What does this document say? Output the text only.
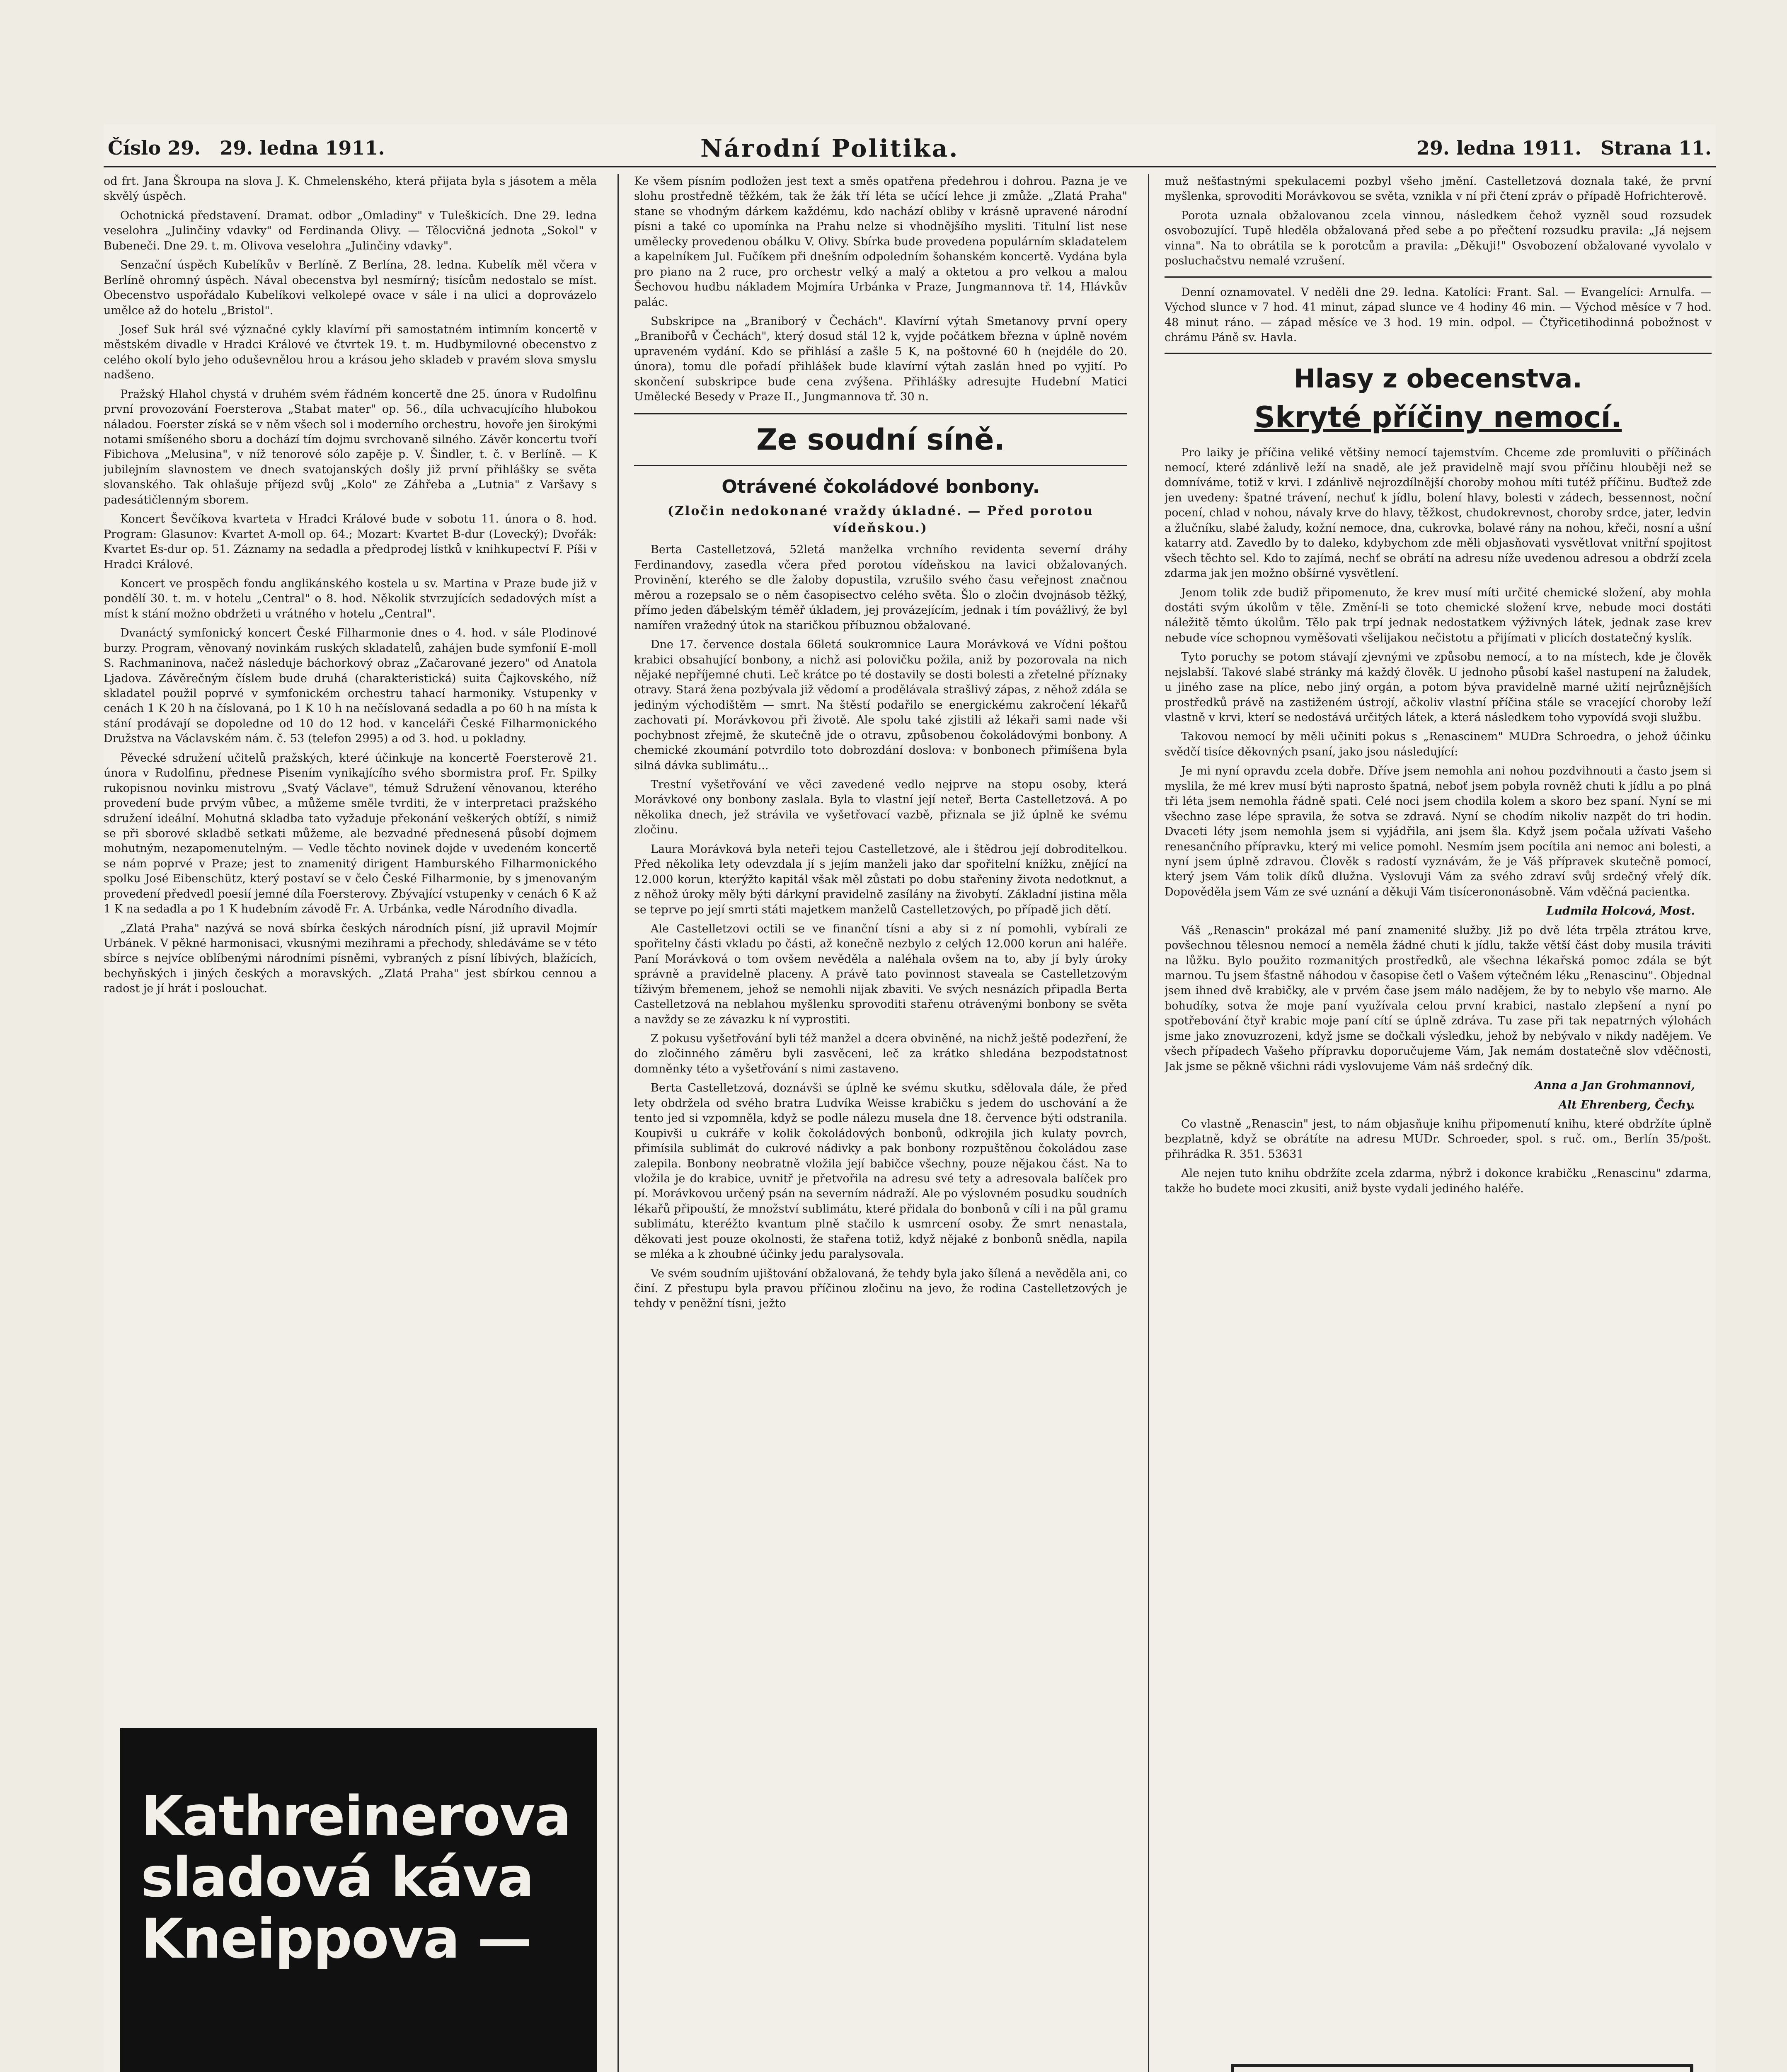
Číslo 29. 29. ledna 1911.	Národní Politika.	29. ledna 1911. Strana 11.

od frt. Jana Škroupa na slova J. K. Chmelenského, která přijata byla s jásotem a měla skvělý úspěch.

Ochotnická představení. Dramat. odbor „Omladiny" v Tuleškicích. Dne 29. ledna veselohra „Julinčiny vdavky" od Ferdinanda Olivy. — Tělocvičná jednota „Sokol" v Bubeneči. Dne 29. t. m. Olivova veselohra „Julinčiny vdavky".

Senzační úspěch Kubelíkův v Berlíně. Z Berlína, 28. ledna. Kubelík měl včera v Berlíně ohromný úspěch. Nával obecenstva byl nesmírný; tisícům nedostalo se míst. Obecenstvo uspořádalo Kubelíkovi velkolepé ovace v sále i na ulici a doprovázelo umělce až do hotelu „Bristol".

Josef Suk hrál své význačné cykly klavírní při samostatném intimním koncertě v městském divadle v Hradci Králové ve čtvrtek 19. t. m. Hudbymilovné obecenstvo z celého okolí bylo jeho oduševnělou hrou a krásou jeho skladeb v pravém slova smyslu nadšeno.

Pražský Hlahol chystá v druhém svém řádném koncertě dne 25. února v Rudolfinu první provozování Foersterova „Stabat mater" op. 56., díla uchvacujícího hlubokou náladou. Foerster získá se v něm všech sol i moderního orchestru, hovoře jen širokými notami smíšeného sboru a dochází tím dojmu svrchovaně silného. Závěr koncertu tvoří Fibichova „Melusina", v níž tenorové sólo zapěje p. V. Šindler, t. č. v Berlíně. — K jubilejním slavnostem ve dnech svatojanských došly již první přihlášky se světa slovanského. Tak ohlašuje příjezd svůj „Kolo" ze Záhřeba a „Lutnia" z Varšavy s padesátičlenným sborem.

Koncert Ševčíkova kvarteta v Hradci Králové bude v sobotu 11. února o 8. hod. Program: Glasunov: Kvartet A-moll op. 64.; Mozart: Kvartet B-dur (Lovecký); Dvořák: Kvartet Es-dur op. 51. Záznamy na sedadla a předprodej lístků v knihkupectví F. Píši v Hradci Králové.

Koncert ve prospěch fondu anglikánského kostela u sv. Martina v Praze bude již v pondělí 30. t. m. v hotelu „Central" o 8. hod. Několik stvrzujících sedadových míst a míst k stání možno obdržeti u vrátného v hotelu „Central".

Dvanáctý symfonický koncert České Filharmonie dnes o 4. hod. v sále Plodinové burzy. Program, věnovaný novinkám ruských skladatelů, zahájen bude symfonií E-moll S. Rachmaninova, načež následuje báchorkový obraz „Začarované jezero" od Anatola Ljadova. Závěrečným číslem bude druhá (charakteristická) suita Čajkovského, níž skladatel použil poprvé v symfonickém orchestru tahací harmoniky. Vstupenky v cenách 1 K 20 h na číslovaná, po 1 K 10 h na nečíslovaná sedadla a po 60 h na místa k stání prodávají se dopoledne od 10 do 12 hod. v kanceláři České Filharmonického Družstva na Václavském nám. č. 53 (telefon 2995) a od 3. hod. u pokladny.

Pěvecké sdružení učitelů pražských, které účinkuje na koncertě Foersterově 21. února v Rudolfinu, přednese Pisením vynikajícího svého sbormistra prof. Fr. Spilky rukopisnou novinku mistrovu „Svatý Václave", témuž Sdružení věnovanou, kterého provedení bude prvým vůbec, a můžeme směle tvrditi, že v interpretaci pražského sdružení ideální. Mohutná skladba tato vyžaduje překonání veškerých obtíží, s nimiž se při sborové skladbě setkati můžeme, ale bezvadné přednesená působí dojmem mohutným, nezapomenutelným. — Vedle těchto novinek dojde v uvedeném koncertě se nám poprvé v Praze; jest to znamenitý dirigent Hamburského Filharmonického spolku José Eibenschütz, který postaví se v čelo České Filharmonie, by s jmenovaným provedení předvedl poesií jemné díla Foersterovy. Zbývající vstupenky v cenách 6 K až 1 K na sedadla a po 1 K hudebním závodě Fr. A. Urbánka, vedle Národního divadla.

„Zlatá Praha" nazývá se nová sbírka českých národních písní, již upravil Mojmír Urbánek. V pěkné harmonisaci, vkusnými mezihrami a přechody, shledáváme se v této sbírce s nejvíce oblíbenými národními písněmi, vybraných z písní líbivých, blažících, bechyňských i jiných českých a moravských. „Zlatá Praha" jest sbírkou cennou a radost je jí hrát i poslouchat.

Kathreinerova
sladová káva
Kneippova —

Ke všem písním podložen jest text a směs opatřena předehrou i dohrou. Pazna je ve slohu prostředně těžkém, tak že žák tří léta se učící lehce ji zmůže. „Zlatá Praha" stane se vhodným dárkem každému, kdo nachází obliby v krásně upravené národní písni a také co upomínka na Prahu nelze si vhodnějšího mysliti. Titulní list nese umělecky provedenou obálku V. Olivy. Sbírka bude provedena populárním skladatelem a kapelníkem Jul. Fučíkem při dnešním odpoledním šohanském koncertě. Vydána byla pro piano na 2 ruce, pro orchestr velký a malý a oktetou a pro velkou a malou Šechovou hudbu nákladem Mojmíra Urbánka v Praze, Jungmannova tř. 14, Hlávkův palác.

Subskripce na „Braniborý v Čechách". Klavírní výtah Smetanovy první opery „Branibořů v Čechách", který dosud stál 12 k, vyjde počátkem března v úplně novém upraveném vydání. Kdo se přihlásí a zašle 5 K, na poštovné 60 h (nejdéle do 20. února), tomu dle pořadí přihlášek bude klavírní výtah zaslán hned po vyjití. Po skončení subskripce bude cena zvýšena. Přihlášky adresujte Hudební Matici Umělecké Besedy v Praze II., Jungmannova tř. 30 n.

Ze soudní síně.
Otrávené čokoládové bonbony.
(Zločin nedokonané vraždy úkladné. — Před porotou vídeňskou.)

Berta Castelletzová, 52letá manželka vrchního revidenta severní dráhy Ferdinandovy, zasedla včera před porotou vídeňskou na lavici obžalovaných. Provinění, kterého se dle žaloby dopustila, vzrušilo svého času veřejnost značnou měrou a rozepsalo se o něm časopisectvo celého světa. Šlo o zločin dvojnásob těžký, přímo jeden ďábelským téměř úkladem, jej provázejícím, jednak i tím povážlivý, že byl namířen vražedný útok na staričkou příbuznou obžalované.

Dne 17. července dostala 66letá soukromnice Laura Morávková ve Vídni poštou krabici obsahující bonbony, a nichž asi polovičku požila, aniž by pozorovala na nich nějaké nepříjemné chuti. Leč krátce po té dostavily se dosti bolesti a zřetelné příznaky otravy. Stará žena pozbývala již vědomí a prodělávala strašlivý zápas, z něhož zdála se jediným východištěm — smrt. Na štěstí podařilo se energickému zakročení lékařů zachovati pí. Morávkovou při životě. Ale spolu také zjistili až lékaři sami nade vši pochybnost zřejmě, že skutečně jde o otravu, způsobenou čokoládovými bonbony. A chemické zkoumání potvrdilo toto dobrozdání doslova: v bonbonech přimíšena byla silná dávka sublimátu...

Trestní vyšetřování ve věci zavedené vedlo nejprve na stopu osoby, která Morávkové ony bonbony zaslala. Byla to vlastní její neteř, Berta Castelletzová. A po několika dnech, jež strávila ve vyšetřovací vazbě, přiznala se již úplně ke svému zločinu.

Laura Morávková byla neteři tejou Castelletzové, ale i štědrou její dobroditelkou. Před několika lety odevzdala jí s jejím manželi jako dar spořitelní knížku, znějící na 12.000 korun, kterýžto kapitál však měl zůstati po dobu stařeniny života nedotknut, a z něhož úroky měly býti dárkyní pravidelně zasílány na živobytí. Základní jistina měla se teprve po její smrti státi majetkem manželů Castelletzových, po případě jich dětí.

Ale Castelletzovi octili se ve finanční tísni a aby si z ní pomohli, vybírali ze spořitelny části vkladu po části, až konečně nezbylo z celých 12.000 korun ani haléře. Paní Morávková o tom ovšem nevěděla a naléhala ovšem na to, aby jí byly úroky správně a pravidelně placeny. A právě tato povinnost staveala se Castelletzovým tíživým břemenem, jehož se nemohli nijak zbaviti. Ve svých nesnázích připadla Berta Castelletzová na neblahou myšlenku sprovoditi stařenu otrávenými bonbony se světa a navždy se ze závazku k ní vyprostiti.

Z pokusu vyšetřování byli též manžel a dcera obviněné, na nichž ještě podezření, že do zločinného záměru byli zasvěceni, leč za krátko shledána bezpodstatnost domněnky této a vyšetřování s nimi zastaveno.

Berta Castelletzová, doznávši se úplně ke svému skutku, sdělovala dále, že před lety obdržela od svého bratra Ludvíka Weisse krabičku s jedem do uschování a že tento jed si vzpomněla, když se podle nálezu musela dne 18. července býti odstranila. Koupivši u cukráře v kolik čokoládových bonbonů, odkrojila jich kulaty povrch, přimísila sublimát do cukrové nádivky a pak bonbony rozpuštěnou čokoládou zase zalepila. Bonbony neobratně vložila její babičce všechny, pouze nějakou část. Na to vložila je do krabice, uvnitř je přetvořila na adresu své tety a adresovala balíček pro pí. Morávkovou určený psán na severním nádraží. Ale po výslovném posudku soudních lékařů připouští, že množství sublimátu, které přidala do bonbonů v cíli i na půl gramu sublimátu, kteréžto kvantum plně stačilo k usmrcení osoby. Že smrt nenastala, děkovati jest pouze okolnosti, že stařena totiž, když nějaké z bonbonů snědla, napila se mléka a k zhoubné účinky jedu paralysovala.

Ve svém soudním ujištování obžalovaná, že tehdy byla jako šílená a nevěděla ani, co činí. Z přestupu byla pravou příčinou zločinu na jevo, že rodina Castelletzových je tehdy v peněžní tísni, ježto

muž nešťastnými spekulacemi pozbyl všeho jmění. Castelletzová doznala také, že první myšlenka, sprovoditi Morávkovou se světa, vznikla v ní při čtení zpráv o případě Hofrichterově.

Porota uznala obžalovanou zcela vinnou, následkem čehož vyzněl soud rozsudek osvobozující. Tupě hleděla obžalovaná před sebe a po přečtení rozsudku pravila: „Já nejsem vinna". Na to obrátila se k porotcům a pravila: „Děkuji!" Osvobození obžalované vyvolalo v posluchačstvu nemalé vzrušení.

Denní oznamovatel. V neděli dne 29. ledna. Katolíci: Frant. Sal. — Evangelíci: Arnulfa. — Východ slunce v 7 hod. 41 minut, západ slunce ve 4 hodiny 46 min. — Východ měsíce v 7 hod. 48 minut ráno. — západ měsíce ve 3 hod. 19 min. odpol. — Čtyřicetihodinná pobožnost v chrámu Páně sv. Havla.

Hlasy z obecenstva.
Skryté příčiny nemocí.

Pro laiky je příčina veliké většiny nemocí tajemstvím. Chceme zde promluviti o příčinách nemocí, které zdánlivě leží na snadě, ale jež pravidelně mají svou příčinu hlouběji než se domníváme, totiž v krvi. I zdánlivě nejrozdílnější choroby mohou míti tutéž příčinu. Buďtež zde jen uvedeny: špatné trávení, nechuť k jídlu, bolení hlavy, bolesti v zádech, bessennost, noční pocení, chlad v nohou, návaly krve do hlavy, těžkost, chudokrevnost, choroby srdce, jater, ledvin a žlučníku, slabé žaludy, kožní nemoce, dna, cukrovka, bolavé rány na nohou, křeči, nosní a ušní katarry atd. Zavedlo by to daleko, kdybychom zde měli objasňovati vysvětlovat vnitřní spojitost všech těchto sel. Kdo to zajímá, nechť se obrátí na adresu níže uvedenou adresou a obdrží zcela zdarma jak jen možno obšírné vysvětlení.

Jenom tolik zde budiž připomenuto, že krev musí míti určité chemické složení, aby mohla dostáti svým úkolům v těle. Změní-li se toto chemické složení krve, nebude moci dostáti náležitě těmto úkolům. Tělo pak trpí jednak nedostatkem výživných látek, jednak zase krev nebude více schopnou vyměšovati všelijakou nečistotu a přijímati v plicích dostatečný kyslík.

Tyto poruchy se potom stávají zjevnými ve způsobu nemocí, a to na místech, kde je člověk nejslabší. Takové slabé stránky má každý člověk. U jednoho působí kašel nastupení na žaludek, u jiného zase na plíce, nebo jiný orgán, a potom býva pravidelně marné užití nejrůznějších prostředků právě na zastiženém ústrojí, ačkoliv vlastní příčina stále se vracející choroby leží vlastně v krvi, kterí se nedostává určitých látek, a která následkem toho vypovídá svoji službu.

Takovou nemocí by měli učiniti pokus s „Renascinem" MUDra Schroedra, o jehož účinku svědčí tisíce děkovných psaní, jako jsou následující:

Je mi nyní opravdu zcela dobře. Dříve jsem nemohla ani nohou pozdvihnouti a často jsem si myslila, že mé krev musí býti naprosto špatná, neboť jsem pobyla rovněž chuti k jídlu a po plná tři léta jsem nemohla řádně spati. Celé noci jsem chodila kolem a skoro bez spaní. Nyní se mi všechno zase lépe spravila, že sotva se zdravá. Nyní se chodím nikoliv nazpět do tri hodin. Dvaceti léty jsem nemohla jsem si vyjádřila, ani jsem šla. Když jsem počala užívati Vašeho renesančního přípravku, který mi velice pomohl. Nesmím jsem pocítila ani nemoc ani bolesti, a nyní jsem úplně zdravou. Člověk s radostí vyznávám, že je Váš přípravek skutečně pomocí, který jsem Vám tolik díků dlužna. Vyslovuji Vám za svého zdraví svůj srdečný vřelý dík. Dopověděla jsem Vám ze své uznání a děkuji Vám tisícerononásobně. Vám vděčná pacientka.

Ludmila Holcová, Most.

Váš „Renascin" prokázal mé paní znamenité služby. Již po dvě léta trpěla ztrátou krve, povšechnou tělesnou nemocí a neměla žádné chuti k jídlu, takže větší část doby musila tráviti na lůžku. Bylo použito rozmanitých prostředků, ale všechna lékařská pomoc zdála se být marnou. Tu jsem šťastně náhodou v časopise četl o Vašem výtečném léku „Renascinu". Objednal jsem ihned dvě krabičky, ale v prvém čase jsem málo nadějem, že by to nebylo vše marno. Ale bohudíky, sotva že moje paní využívala celou první krabici, nastalo zlepšení a nyní po spotřebování čtyř krabic moje paní cítí se úplně zdráva. Tu zase při tak nepatrných výlohách jsme jako znovuzrozeni, když jsme se dočkali výsledku, jehož by nebývalo v nikdy nadějem. Ve všech případech Vašeho přípravku doporučujeme Vám, Jak nemám dostatečně slov vděčnosti, Jak jsme se pěkně všichni rádi vyslovujeme Vám náš srdečný dík.

Anna a Jan Grohmannovi,
Alt Ehrenberg, Čechy.

Co vlastně „Renascin" jest, to nám objasňuje knihu připomenutí knihu, které obdržíte úplně bezplatně, když se obrátíte na adresu MUDr. Schroeder, spol. s ruč. om., Berlín 35/pošt. přihrádka R. 351. 53631

Ale nejen tuto knihu obdržíte zcela zdarma, nýbrž i dokonce krabičku „Renascinu" zdarma, takže ho budete moci zkusiti, aniž byste vydali jediného haléře.
